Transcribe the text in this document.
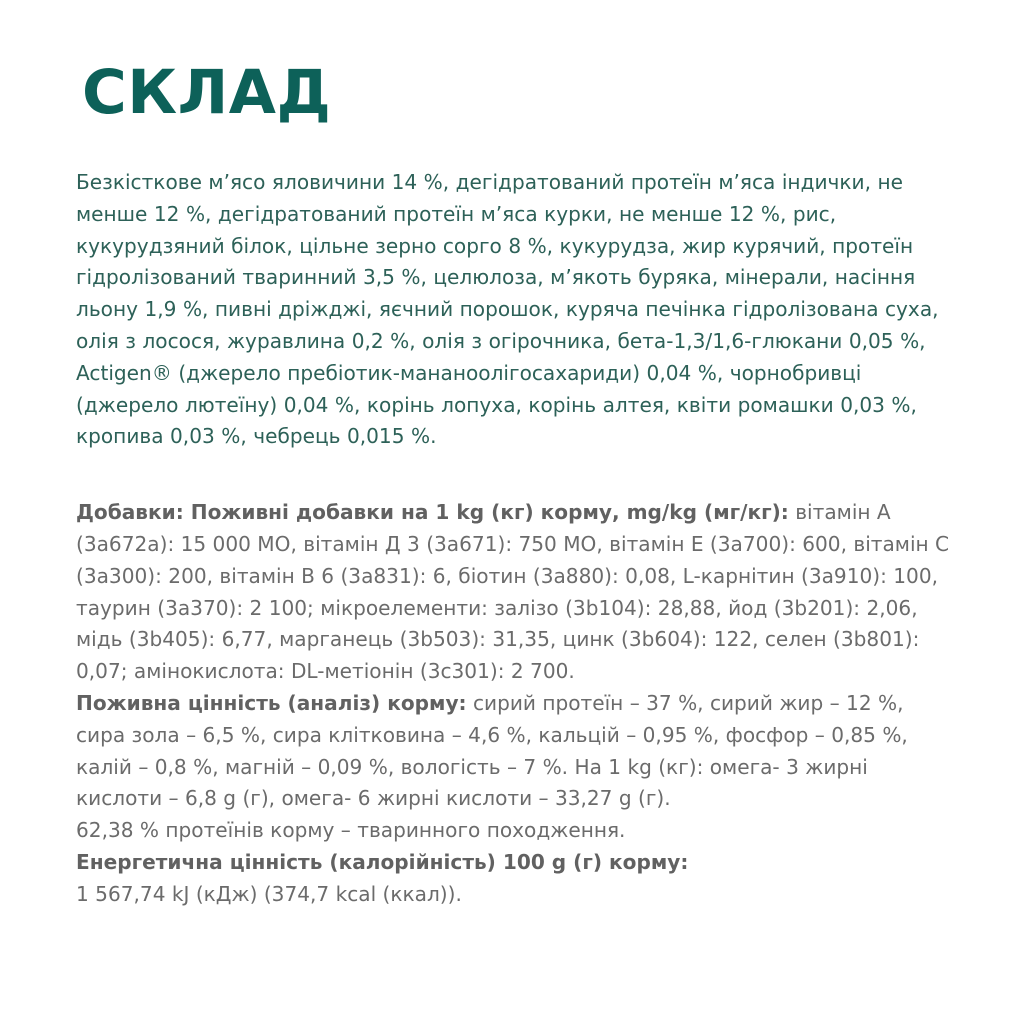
СКЛАД
Безкісткове м’ясо яловичини 14 %, дегідратований протеїн м’яса індички, не менше 12 %, дегідратований протеїн м’яса курки, не менше 12 %, рис, кукурудзяний білок, цільне зерно сорго 8 %, кукурудза, жир курячий, протеїн гідролізований тваринний 3,5 %, целюлоза, м’якоть буряка, мінерали, насіння льону 1,9 %, пивні дріжджі, яєчний порошок, куряча печінка гідролізована суха, олія з лосося, журавлина 0,2 %, олія з огірочника, бета-1,3/1,6-глюкани 0,05 %, Actigen® (джерело пребіотик-мананоолігосахариди) 0,04 %, чорнобривці (джерело лютеїну) 0,04 %, корінь лопуха, корінь алтея, квіти ромашки 0,03 %, кропива 0,03 %, чебрець 0,015 %.

Добавки: Поживні добавки на 1 kg (кг) корму, mg/kg (мг/кг): вітамін А (3а672а): 15 000 МО, вітамін Д 3 (3а671): 750 МО, вітамін Е (3а700): 600, вітамін С (3а300): 200, вітамін В 6 (3а831): 6, біотин (3а880): 0,08, L-карнітин (3а910): 100, таурин (3а370): 2 100; мікроелементи: залізо (3b104): 28,88, йод (3b201): 2,06, мідь (3b405): 6,77, марганець (3b503): 31,35, цинк (3b604): 122, селен (3b801): 0,07; амінокислота: DL-метіонін (3с301): 2 700.

Поживна цінність (аналіз) корму: сирий протеїн – 37 %, сирий жир – 12 %, сира зола – 6,5 %, сира клітковина – 4,6 %, кальцій – 0,95 %, фосфор – 0,85 %, калій – 0,8 %, магній – 0,09 %, вологість – 7 %. На 1 kg (кг): омега- 3 жирні кислоти – 6,8 g (г), омега- 6 жирні кислоти – 33,27 g (г).

62,38 % протеїнів корму – тваринного походження.

Енергетична цінність (калорійність) 100 g (г) корму:

1 567,74 kJ (кДж) (374,7 kcal (ккал)).
